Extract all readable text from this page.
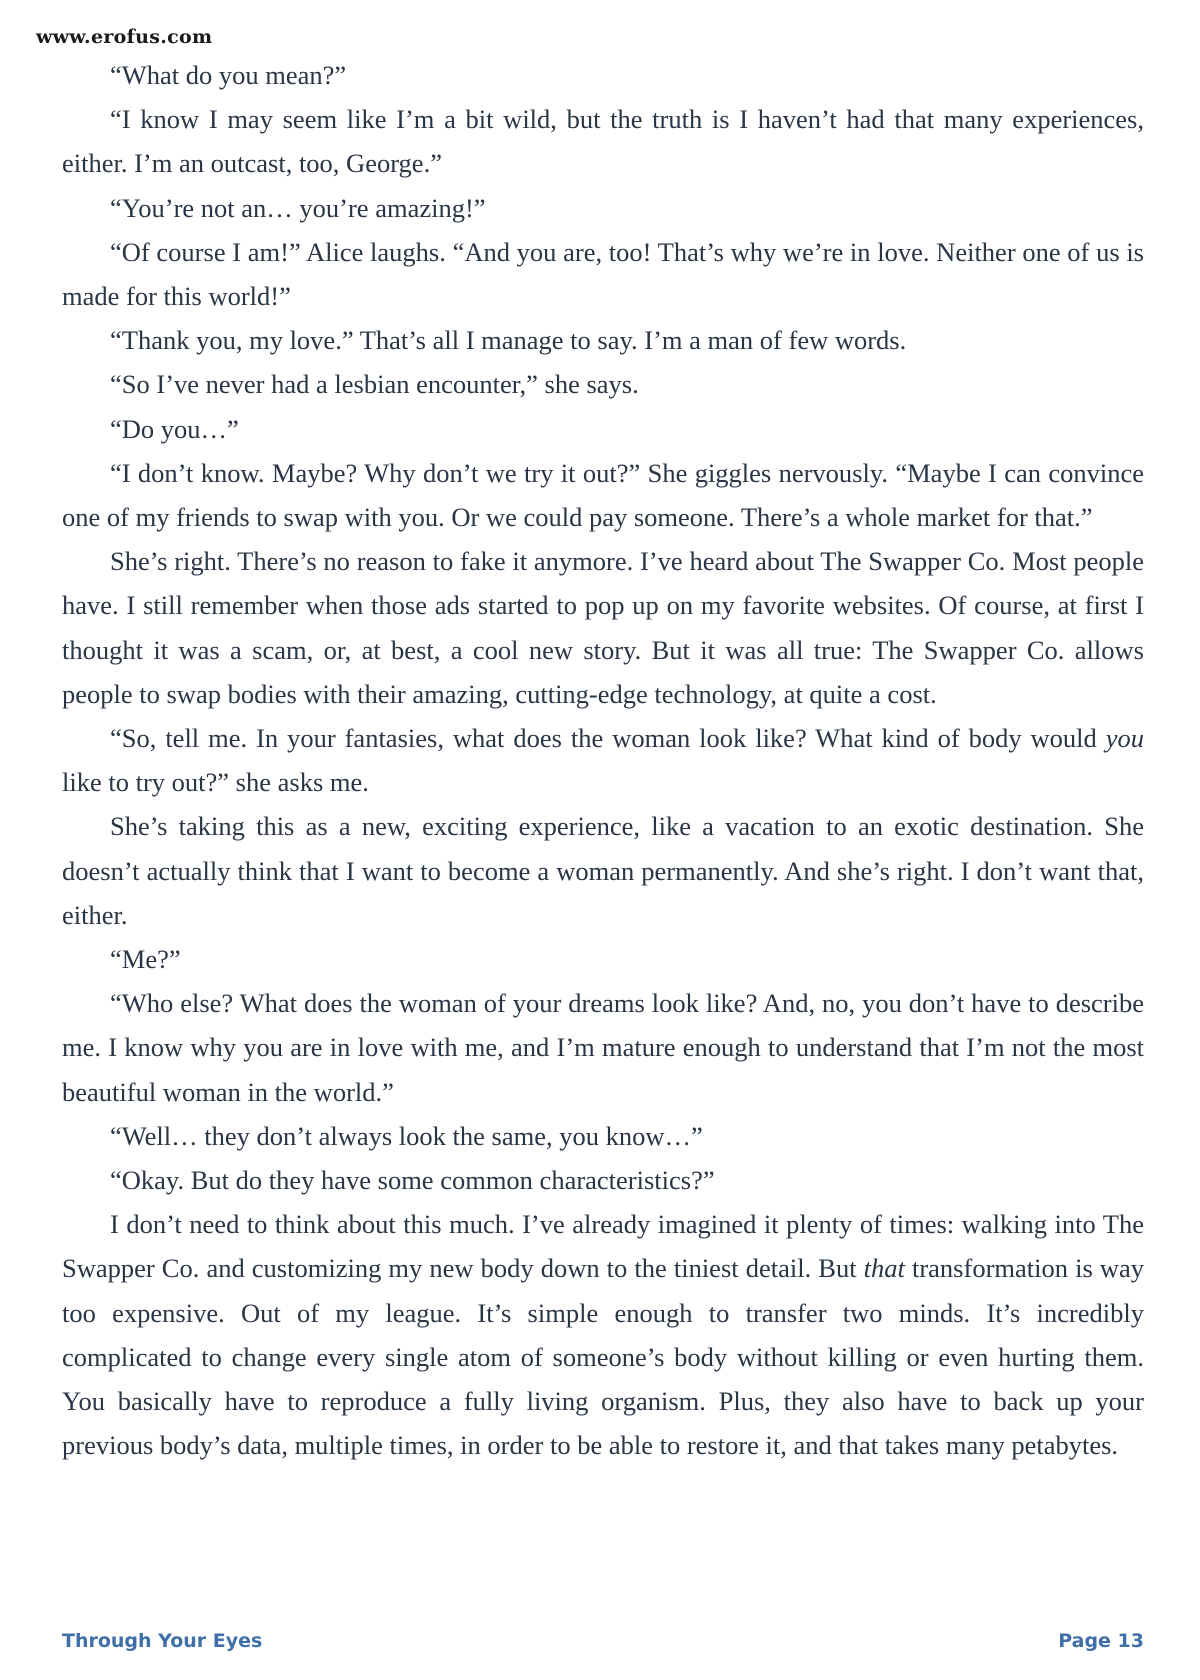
www.erofus.com

“What do you mean?”

“I know I may seem like I’m a bit wild, but the truth is I haven’t had that many experiences, either. I’m an outcast, too, George.”

“You’re not an… you’re amazing!”

“Of course I am!” Alice laughs. “And you are, too! That’s why we’re in love. Neither one of us is made for this world!”

“Thank you, my love.” That’s all I manage to say. I’m a man of few words.

“So I’ve never had a lesbian encounter,” she says.

“Do you…”

“I don’t know. Maybe? Why don’t we try it out?” She giggles nervously. “Maybe I can convince one of my friends to swap with you. Or we could pay someone. There’s a whole market for that.”

She’s right. There’s no reason to fake it anymore. I’ve heard about The Swapper Co. Most people have. I still remember when those ads started to pop up on my favorite websites. Of course, at first I thought it was a scam, or, at best, a cool new story. But it was all true: The Swapper Co. allows people to swap bodies with their amazing, cutting-edge technology, at quite a cost.

“So, tell me. In your fantasies, what does the woman look like? What kind of body would you like to try out?” she asks me.

She’s taking this as a new, exciting experience, like a vacation to an exotic destination. She doesn’t actually think that I want to become a woman permanently. And she’s right. I don’t want that, either.

“Me?”

“Who else? What does the woman of your dreams look like? And, no, you don’t have to describe me. I know why you are in love with me, and I’m mature enough to understand that I’m not the most beautiful woman in the world.”

“Well… they don’t always look the same, you know…”

“Okay. But do they have some common characteristics?”

I don’t need to think about this much. I’ve already imagined it plenty of times: walking into The Swapper Co. and customizing my new body down to the tiniest detail. But that transformation is way too expensive. Out of my league. It’s simple enough to transfer two minds. It’s incredibly complicated to change every single atom of someone’s body without killing or even hurting them. You basically have to reproduce a fully living organism. Plus, they also have to back up your previous body’s data, multiple times, in order to be able to restore it, and that takes many petabytes.

Through Your Eyes	Page 13
